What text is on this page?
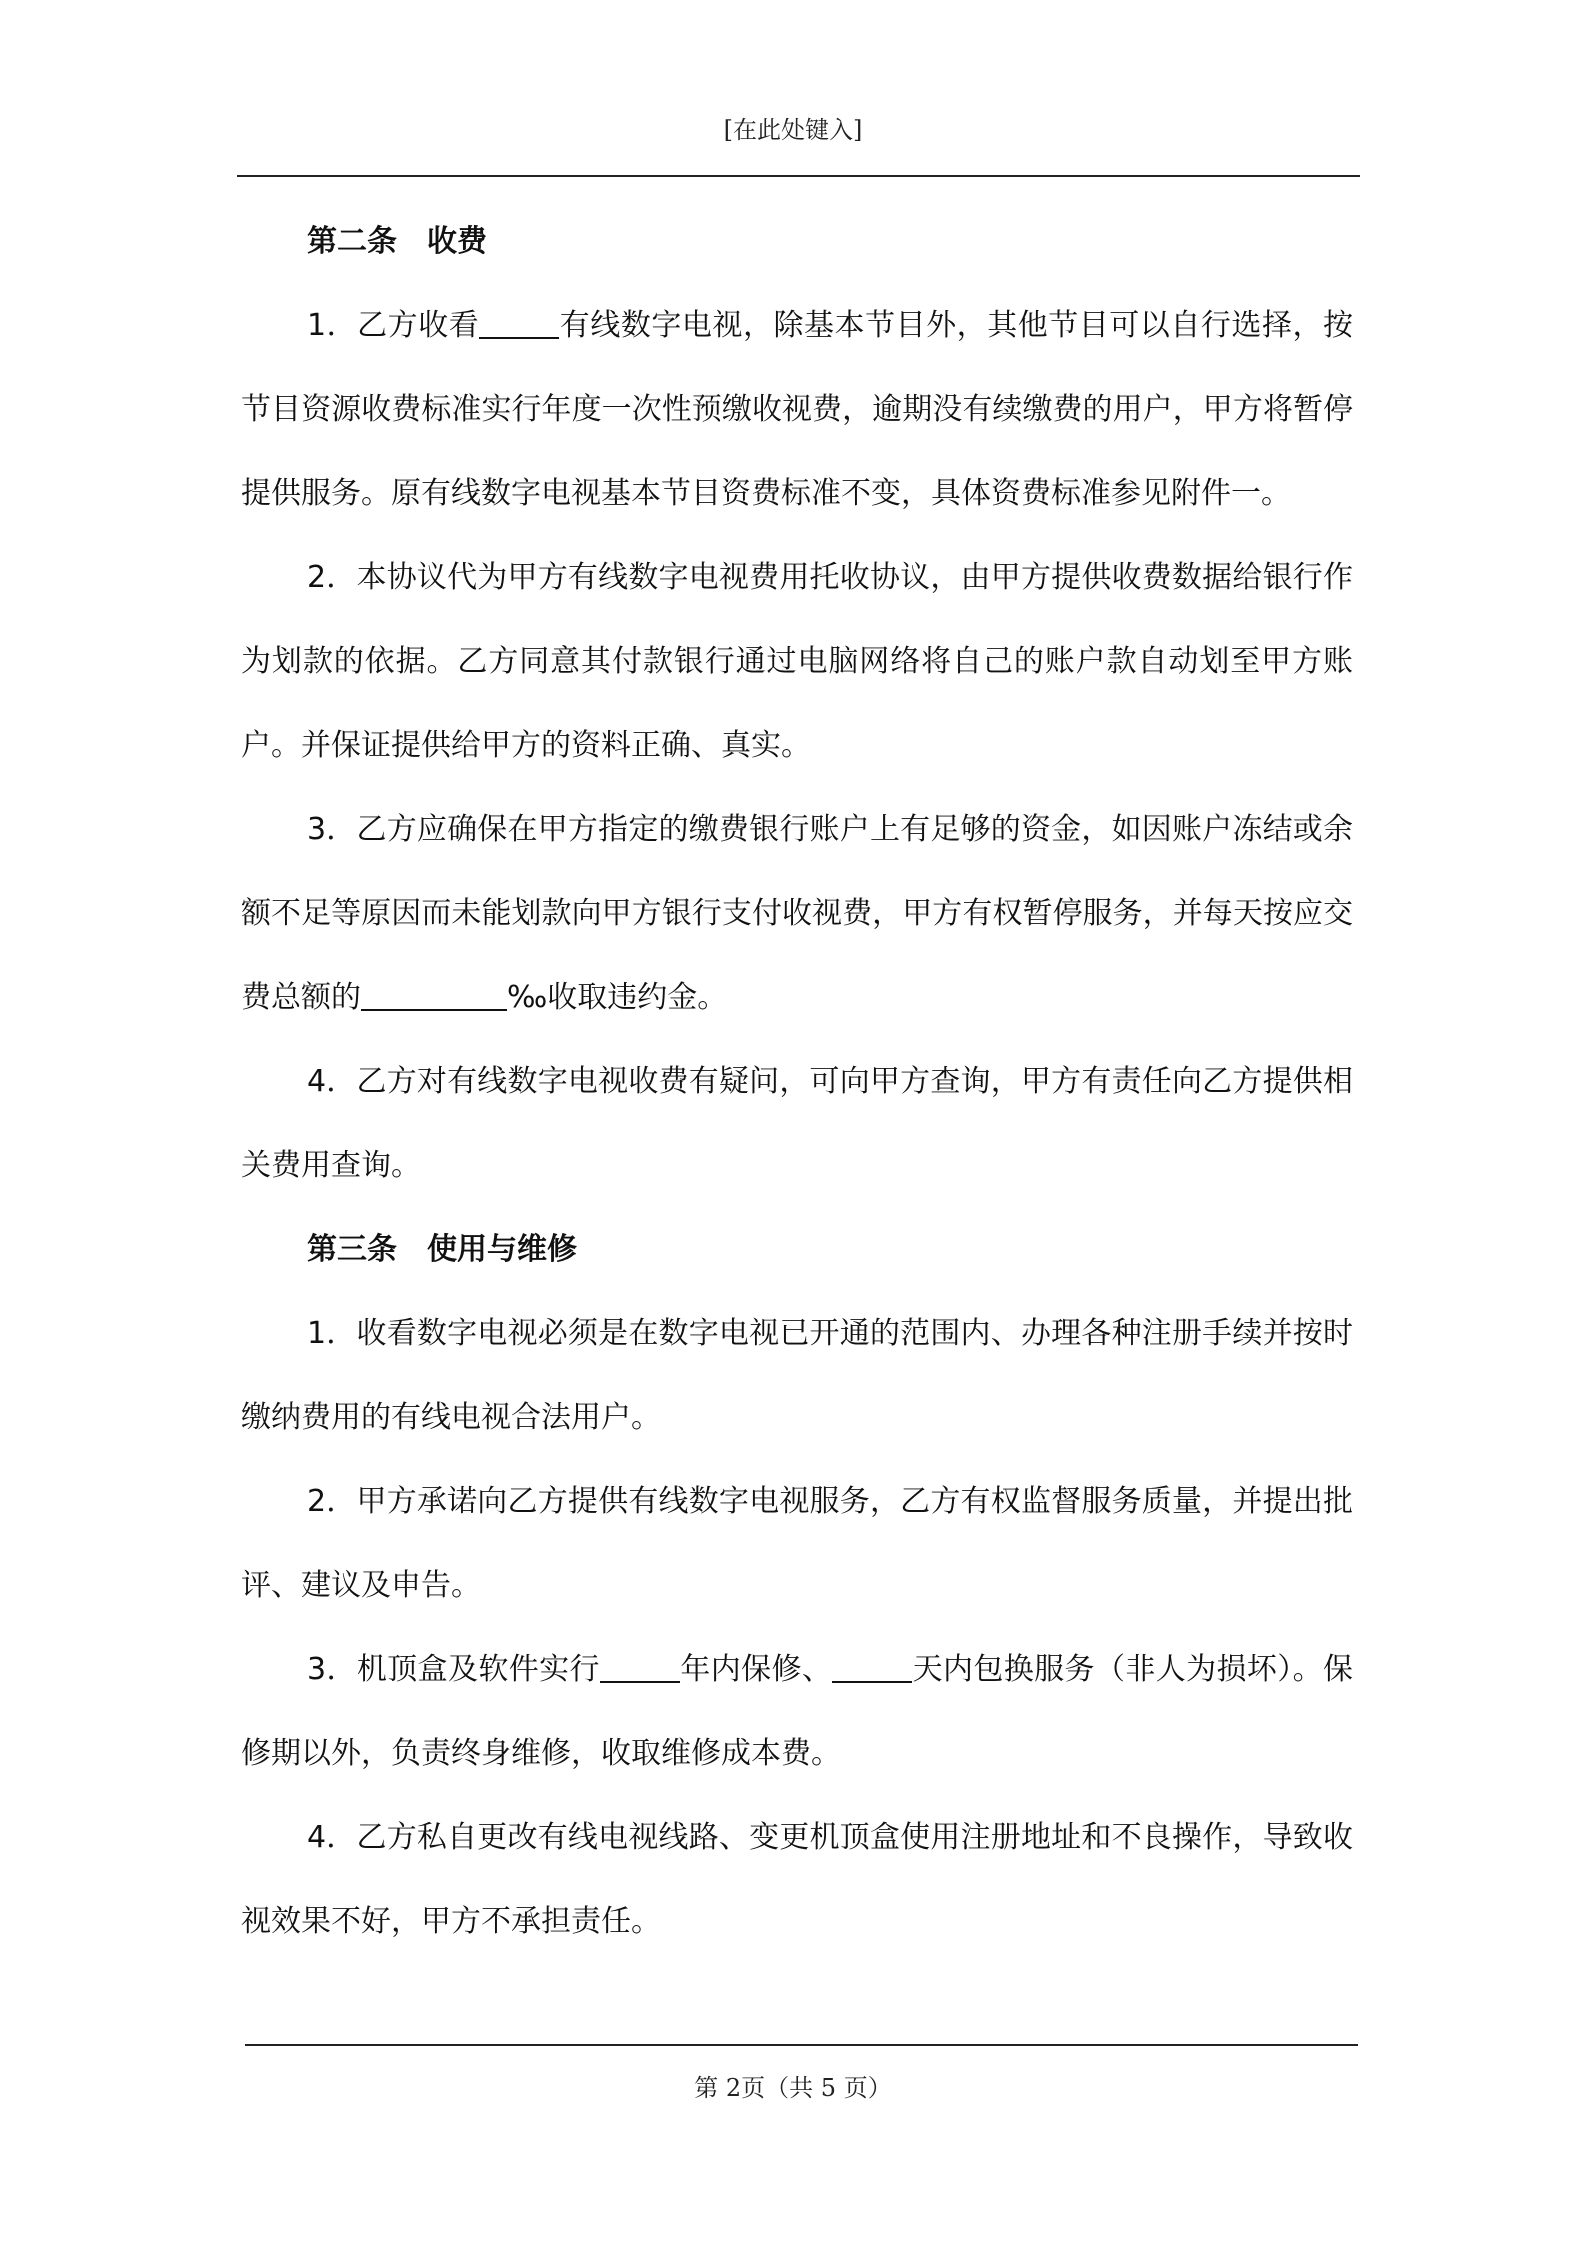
[在此处键入]

第二条 收费

1．乙方收看	有线数字电视，除基本节目外，其他节目可以自行选择，按节目资源收费标准实行年度一次性预缴收视费，逾期没有续缴费的用户，甲方将暂停提供服务。原有线数字电视基本节目资费标准不变，具体资费标准参见附件一。

2．本协议代为甲方有线数字电视费用托收协议，由甲方提供收费数据给银行作为划款的依据。乙方同意其付款银行通过电脑网络将自己的账户款自动划至甲方账户。并保证提供给甲方的资料正确、真实。

3．乙方应确保在甲方指定的缴费银行账户上有足够的资金，如因账户冻结或余额不足等原因而未能划款向甲方银行支付收视费，甲方有权暂停服务，并每天按应交费总额的	‰收取违约金。

4．乙方对有线数字电视收费有疑问，可向甲方查询，甲方有责任向乙方提供相关费用查询。

第三条 使用与维修

1．收看数字电视必须是在数字电视已开通的范围内、办理各种注册手续并按时缴纳费用的有线电视合法用户。

2．甲方承诺向乙方提供有线数字电视服务，乙方有权监督服务质量，并提出批评、建议及申告。

3．机顶盒及软件实行	年内保修、	天内包换服务（非人为损坏）。保修期以外，负责终身维修，收取维修成本费。

4．乙方私自更改有线电视线路、变更机顶盒使用注册地址和不良操作，导致收视效果不好，甲方不承担责任。

第 2页（共 5 页）
